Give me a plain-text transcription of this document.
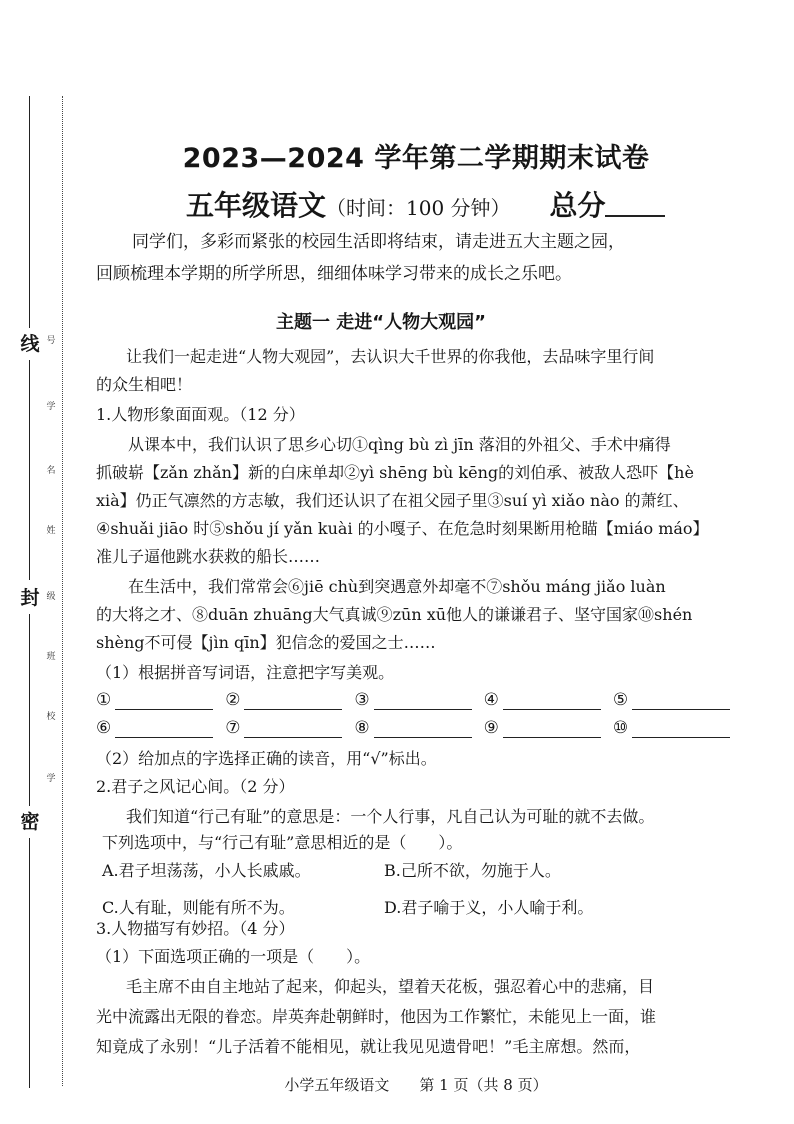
线
封
密
号
学
名
姓
级
班
校
学
2023—2024 学年第二学期期末试卷
五年级语文（时间：100 分钟） 总分
同学们，多彩而紧张的校园生活即将结束，请走进五大主题之园，
回顾梳理本学期的所学所思，细细体味学习带来的成长之乐吧。
主题一 走进“人物大观园”
让我们一起走进“人物大观园”，去认识大千世界的你我他，去品味字里行间
的众生相吧！
1.人物形象面面观。（12 分）
从课本中，我们认识了思乡心切①qìng bù zì jīn 落泪的外祖父、手术中痛得
抓破崭【zǎn zhǎn】新的白床单却②yì shēng bù kēng的刘伯承、被敌人恐吓【hè
xià】仍正气凛然的方志敏，我们还认识了在祖父园子里③suí yì xiǎo nào 的萧红、
④shuǎi jiāo 时⑤shǒu jí yǎn kuài 的小嘎子、在危急时刻果断用枪瞄【miáo máo】
准儿子逼他跳水获救的船长……
在生活中，我们常常会⑥jiē chù到突遇意外却毫不⑦shǒu máng jiǎo luàn
的大将之才、⑧duān zhuāng大气真诚⑨zūn xū他人的谦谦君子、坚守国家⑩shén
shèng不可侵【jìn qīn】犯信念的爱国之士……
（1）根据拼音写词语，注意把字写美观。
①	②	③	④	⑤
⑥	⑦	⑧	⑨	⑩
（2）给加点的字选择正确的读音，用“√”标出。
2.君子之风记心间。（2 分）
我们知道“行己有耻”的意思是：一个人行事，凡自己认为可耻的就不去做。
下列选项中，与“行己有耻”意思相近的是（　　）。
A.君子坦荡荡，小人长戚戚。	B.己所不欲，勿施于人。
C.人有耻，则能有所不为。	D.君子喻于义，小人喻于利。
3.人物描写有妙招。（4 分）
（1）下面选项正确的一项是（　　）。
毛主席不由自主地站了起来，仰起头，望着天花板，强忍着心中的悲痛，目
光中流露出无限的眷恋。岸英奔赴朝鲜时，他因为工作繁忙，未能见上一面，谁
知竟成了永别！“儿子活着不能相见，就让我见见遗骨吧！”毛主席想。然而，
小学五年级语文　　第 1 页（共 8 页）
